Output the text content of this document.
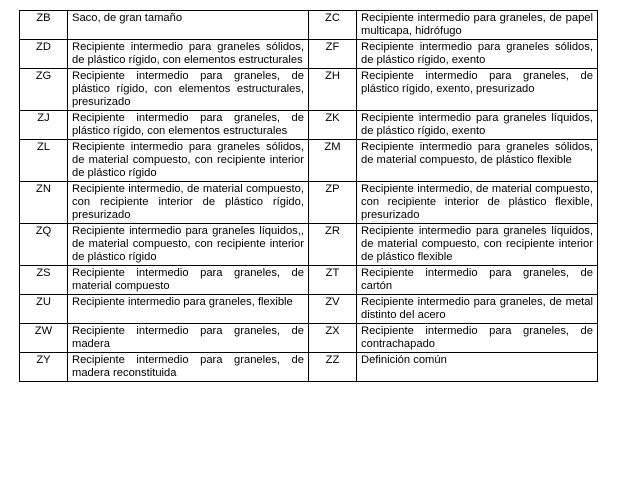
ZB	Saco, de gran tamaño	ZC	Recipiente intermedio para graneles, de papel multicapa, hidrófugo
ZD	Recipiente intermedio para graneles sólidos, de plástico rígido, con elementos estructurales	ZF	Recipiente intermedio para graneles sólidos, de plástico rígido, exento
ZG	Recipiente intermedio para graneles, de plástico rígido, con elementos estructurales, presurizado	ZH	Recipiente intermedio para graneles, de plástico rígido, exento, presurizado
ZJ	Recipiente intermedio para graneles, de plástico rígido, con elementos estructurales	ZK	Recipiente intermedio para graneles líquidos, de plástico rígido, exento
ZL	Recipiente intermedio para graneles sólidos, de material compuesto, con recipiente interior de plástico rígido	ZM	Recipiente intermedio para graneles sólidos, de material compuesto, de plástico flexible
ZN	Recipiente intermedio, de material compuesto, con recipiente interior de plástico rígido, presurizado	ZP	Recipiente intermedio, de material compuesto, con recipiente interior de plástico flexible, presurizado
ZQ	Recipiente intermedio para graneles líquidos,, de material compuesto, con recipiente interior de plástico rígido	ZR	Recipiente intermedio para graneles líquidos, de material compuesto, con recipiente interior de plástico flexible
ZS	Recipiente intermedio para graneles, de material compuesto	ZT	Recipiente intermedio para graneles, de cartón
ZU	Recipiente intermedio para graneles, flexible	ZV	Recipiente intermedio para graneles, de metal distinto del acero
ZW	Recipiente intermedio para graneles, de madera	ZX	Recipiente intermedio para graneles, de contrachapado
ZY	Recipiente intermedio para graneles, de madera reconstituida	ZZ	Definición común
